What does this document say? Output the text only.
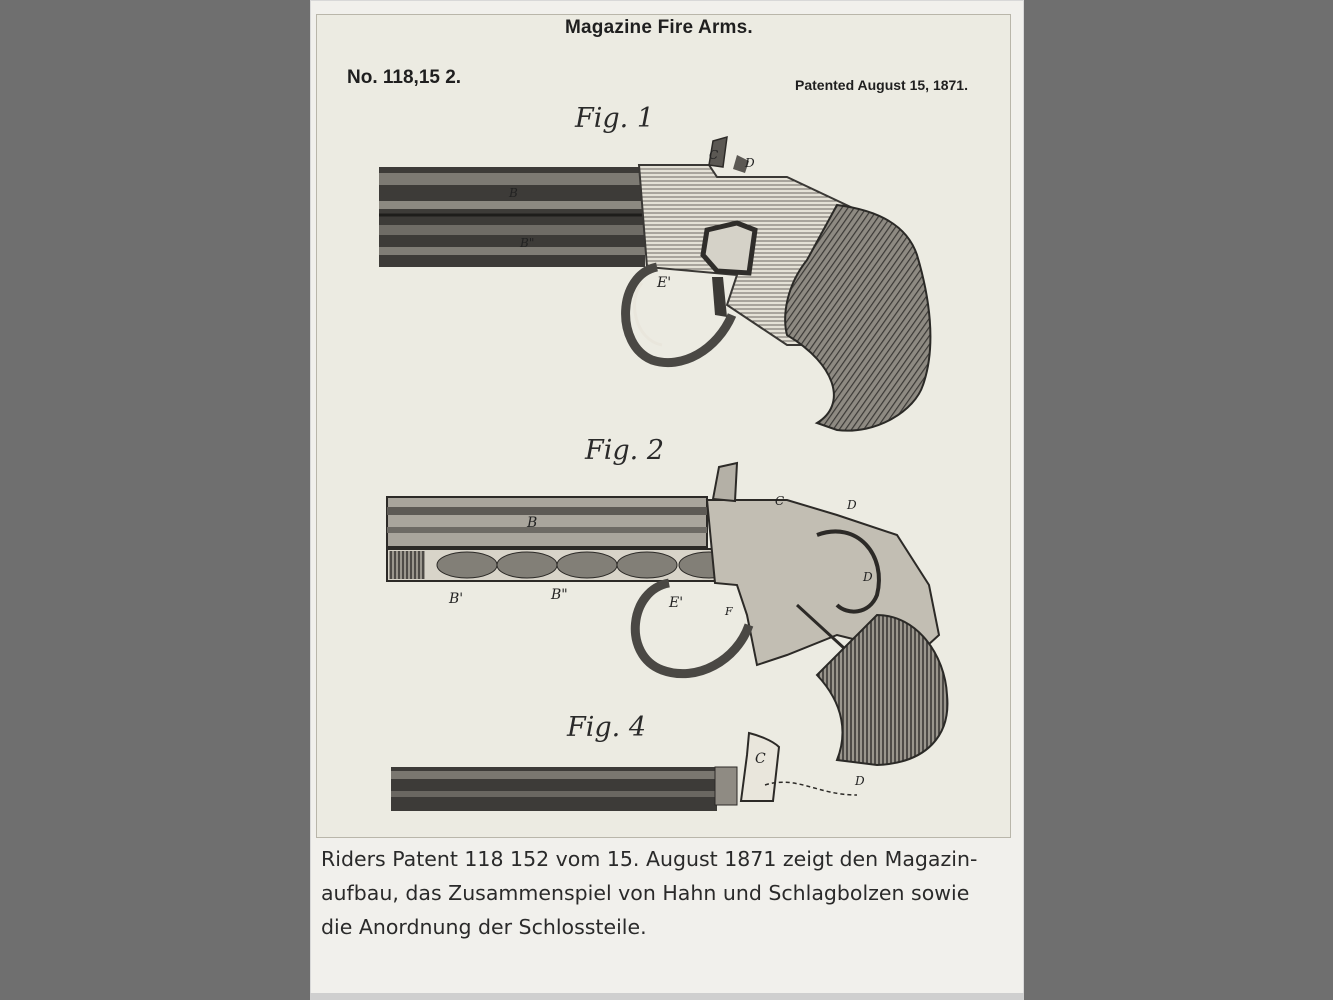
B
B"
C
D
E'
B
B'	B"
C	D
D
E'
F
C
D
Magazine Fire Arms.
No. 118,15 2.	Patented August 15, 1871.
Fig. 1
Fig. 2
Fig. 4
Riders Patent 118 152 vom 15. August 1871 zeigt den Magazin-
aufbau, das Zusammenspiel von Hahn und Schlagbolzen sowie
die Anordnung der Schlossteile.
